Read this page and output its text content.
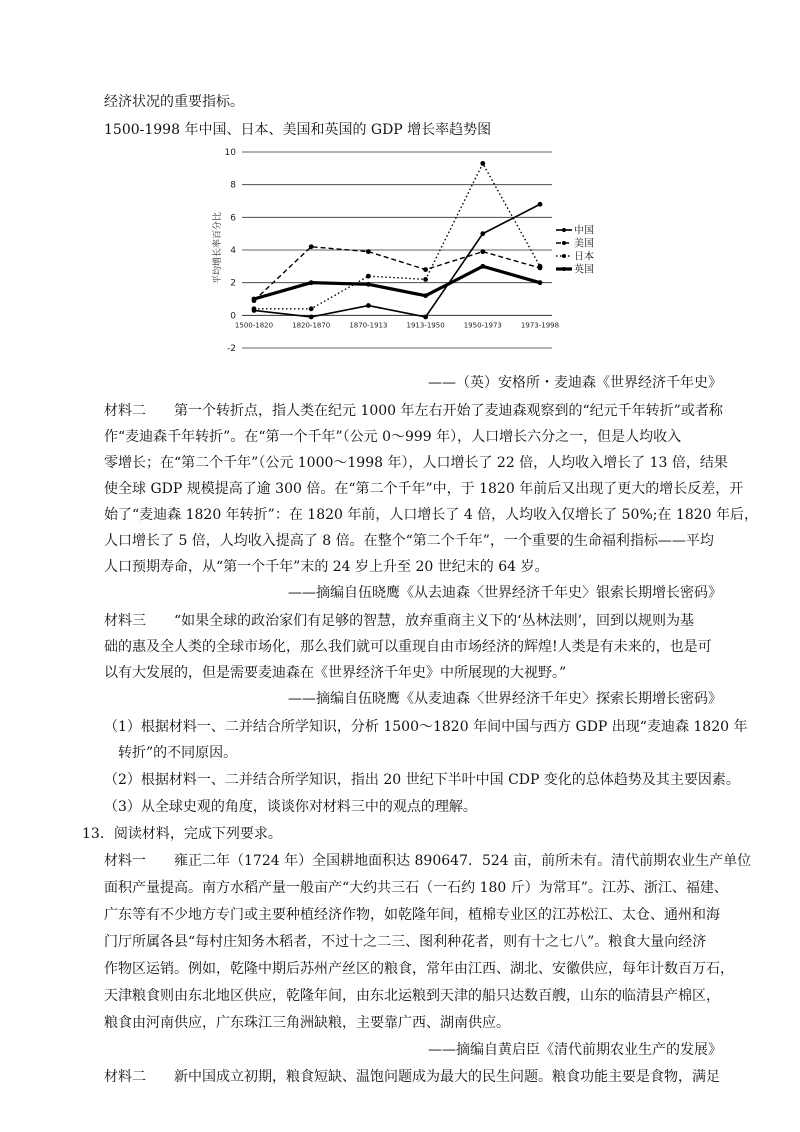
经济状况的重要指标。
1500-1998 年中国、日本、美国和英国的 GDP 增长率趋势图
-2
0
2
4
6
8
10
1500-1820	1820-1870	1870-1913	1913-1950	1950-1973	1973-1998
中国
美国
日本
英国
平均增长率百分比
——（英）安格所・麦迪森《世界经济千年史》
材料二　　第一个转折点，指人类在纪元 1000 年左右开始了麦迪森观察到的“纪元千年转折”或者称
作“麦迪森千年转折”。在“第一个千年”（公元 0～999 年），人口增长六分之一，但是人均收入
零增长；在“第二个千年”（公元 1000～1998 年），人口增长了 22 倍，人均收入增长了 13 倍，结果
使全球 GDP 规模提高了逾 300 倍。在“第二个千年”中，于 1820 年前后又出现了更大的增长反差，开
始了“麦迪森 1820 年转折”：在 1820 年前，人口增长了 4 倍，人均收入仅增长了 50%;在 1820 年后，
人口增长了 5 倍，人均收入提高了 8 倍。在整个“第二个千年”，一个重要的生命福利指标——平均
人口预期寿命，从“第一个千年”末的 24 岁上升至 20 世纪末的 64 岁。
——摘编自伍晓鹰《从去迪森〈世界经济千年史〉银索长期增长密码》
材料三　　“如果全球的政治家们有足够的智慧，放弃重商主义下的‘丛林法则’，回到以规则为基
础的惠及全人类的全球市场化，那么我们就可以重现自由市场经济的辉煌!人类是有未来的，也是可
以有大发展的，但是需要麦迪森在《世界经济千年史》中所展现的大视野。”
——摘编自伍晓鹰《从麦迪森〈世界经济千年史〉探索长期增长密码》
（1）根据材料一、二并结合所学知识，分析 1500～1820 年间中国与西方 GDP 出现“麦迪森 1820 年
转折”的不同原因。
（2）根据材料一、二并结合所学知识，指出 20 世纪下半叶中国 CDP 变化的总体趋势及其主要因素。
（3）从全球史观的角度，谈谈你对材料三中的观点的理解。
13．阅读材料，完成下列要求。
材料一　　雍正二年（1724 年）全国耕地面积达 890647．524 亩，前所未有。清代前期农业生产单位
面积产量提高。南方水稻产量一般亩产“大约共三石（一石约 180 斤）为常耳”。江苏、浙江、福建、
广东等有不少地方专门或主要种植经济作物，如乾隆年间，植棉专业区的江苏松江、太仓、通州和海
门厅所属各县“每村庄知务木稻者，不过十之二三、图利种花者，则有十之七八”。粮食大量向经济
作物区运销。例如，乾隆中期后苏州产丝区的粮食，常年由江西、湖北、安徽供应，每年计数百万石，
天津粮食则由东北地区供应，乾隆年间，由东北运粮到天津的船只达数百艘，山东的临清县产棉区，
粮食由河南供应，广东珠江三角洲缺粮，主要靠广西、湖南供应。
——摘编自黄启臣《清代前期农业生产的发展》
材料二　　新中国成立初期，粮食短缺、温饱问题成为最大的民生问题。粮食功能主要是食物，满足
